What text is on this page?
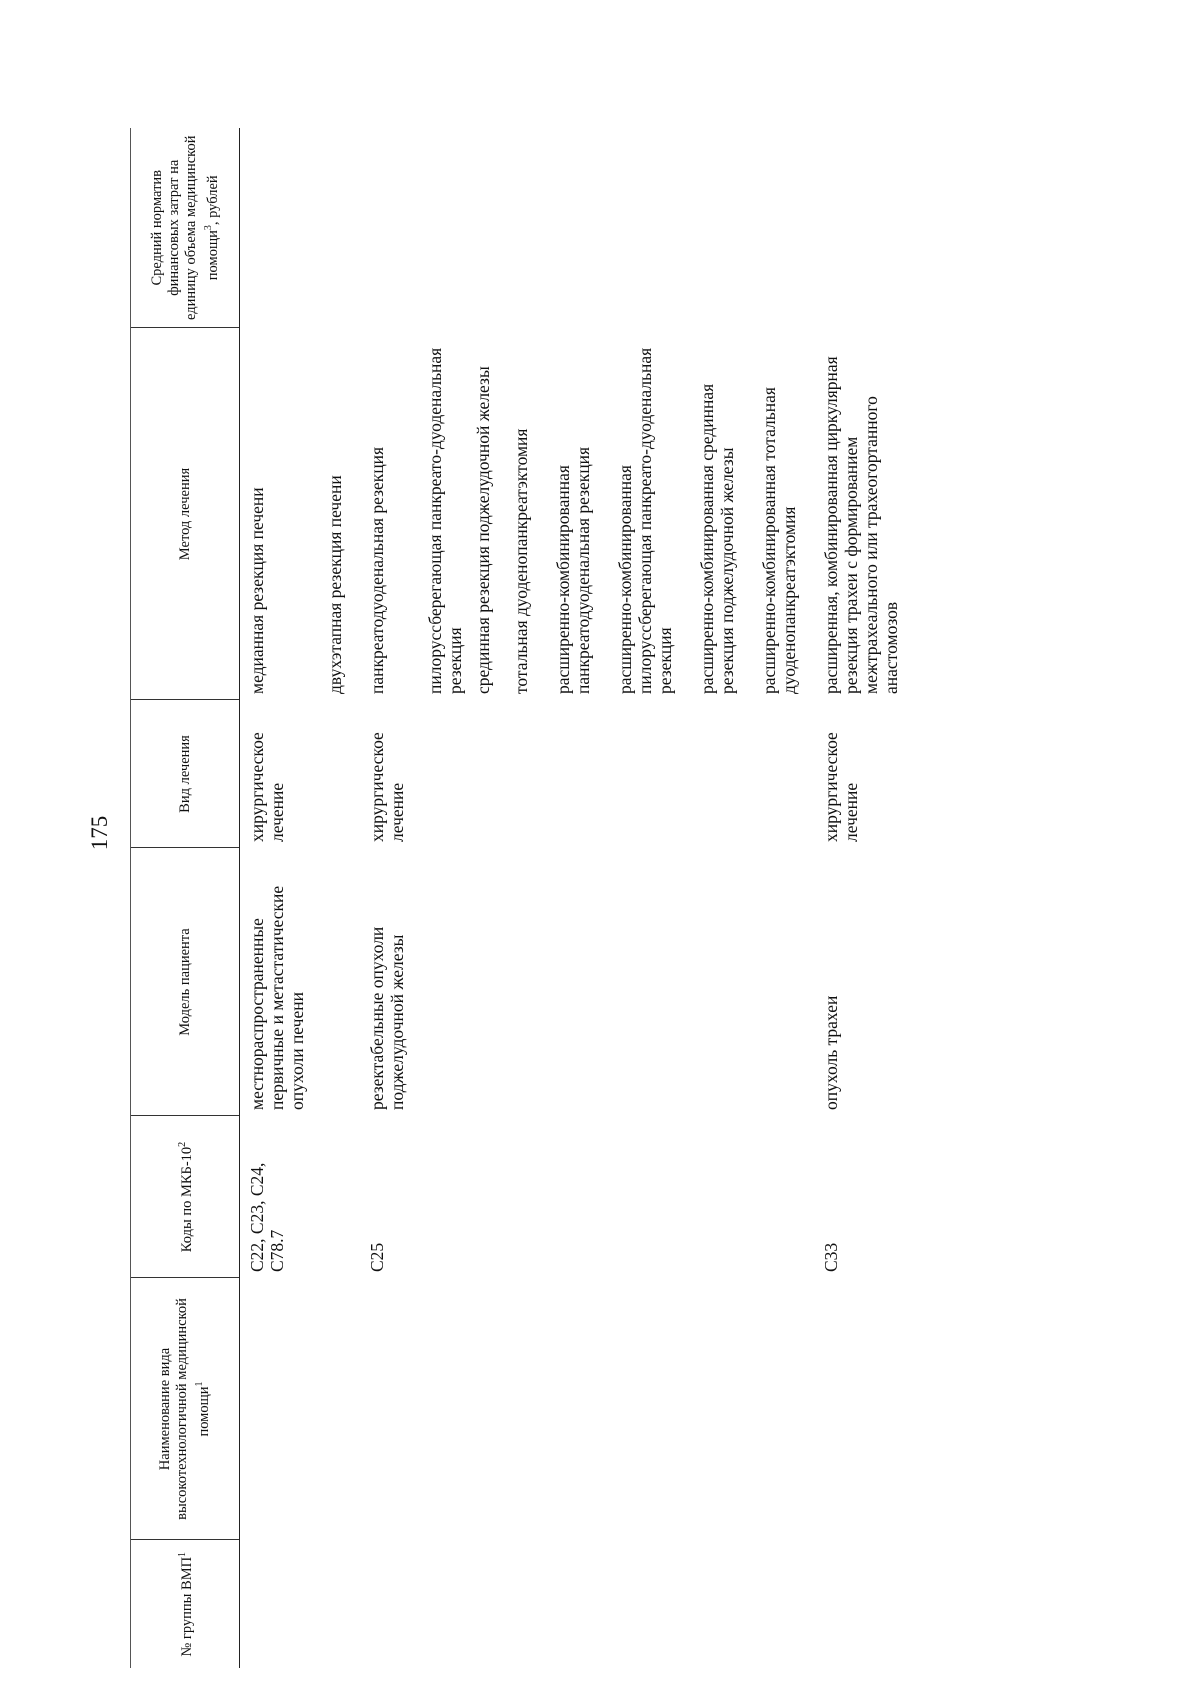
175
№ группы ВМП$^1$	Наименование вида высокотехнологичной медицинской помощи$^1$	Коды по МКБ-$10^2$	Модель пациента	Вид лечения	Метод лечения	Средний норматив финансовых затрат на единицу объема медицинской помощи$^3$, рублей
		C22, C23, C24, C78.7	местнораспространенные первичные и метастатические опухоли печени	хирургическое лечение	медианная резекция печени	
					двухэтапная резекция печени	

		C25	резектабельные опухоли поджелудочной железы	хирургическое лечение	панкреатодуоденальная резекция	
					пилоруссберегающая панкреато-дуоденальная резекция	
					срединная резекция поджелудочной железы	
					тотальная дуоденопанкреатэктомия	
					расширенно-комбинированная панкреатодуоденальная резекция	
					расширенно-комбинированная пилоруссберегающая панкреато-дуоденальная резекция	
					расширенно-комбинированная срединная резекция поджелудочной железы	
					расширенно-комбинированная тотальная дуоденопанкреатэктомия	
		C33	опухоль трахеи	хирургическое лечение	расширенная, комбинированная циркулярная резекция трахеи с формированием межтрахеального или трахеогортанного анастомозов	
